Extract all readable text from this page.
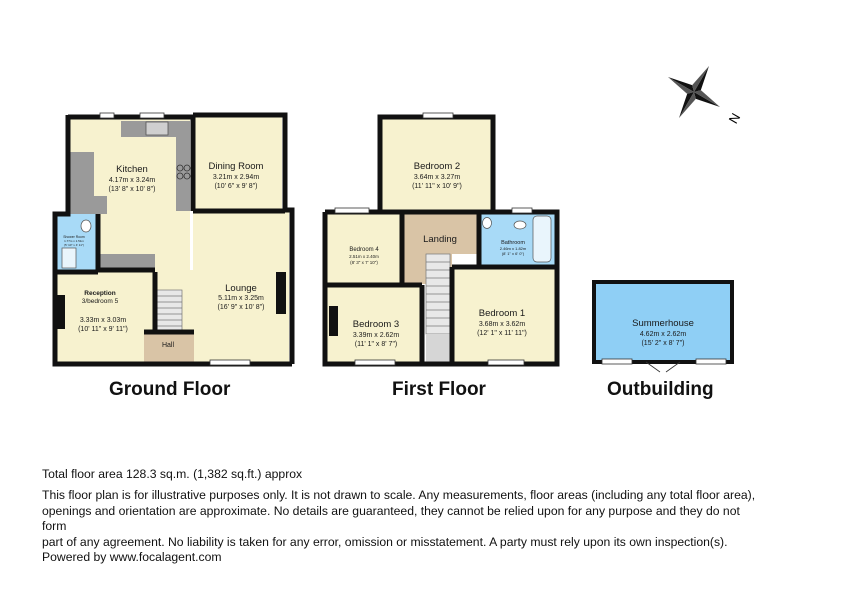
Kitchen
4.17m x 3.24m
(13' 8" x 10' 8")
Dining Room
3.21m x 2.94m
(10' 6" x 9' 8")
Shower Room
1.77m x 1.51m
(5' 10" x 4' 11")
Reception
3/bedroom 5
3.33m x 3.03m
(10' 11" x 9' 11")
Lounge
5.11m x 3.25m
(16' 9" x 10' 8")
Hall
Bedroom 2
3.64m x 3.27m
(11' 11" x 10' 9")
Bedroom 4
2.51m x 2.40m
(8' 3" x 7' 10")
Landing	Bathroom
2.46m x 1.82m
(8' 1" x 6' 0")
Bedroom 3
3.39m x 2.62m
(11' 1" x 8' 7")
Bedroom 1
3.68m x 3.62m
(12' 1" x 11' 11")
Summerhouse
4.62m x 2.62m
(15' 2" x 8' 7")
N
Ground Floor	First Floor	Outbuilding

Total floor area 128.3 sq.m. (1,382 sq.ft.) approx

This floor plan is for illustrative purposes only. It is not drawn to scale. Any measurements, floor areas (including any total floor area),

openings and orientation are approximate. No details are guaranteed, they cannot be relied upon for any purpose and they do not form

part of any agreement. No liability is taken for any error, omission or misstatement. A party must rely upon its own inspection(s).

Powered by www.focalagent.com
